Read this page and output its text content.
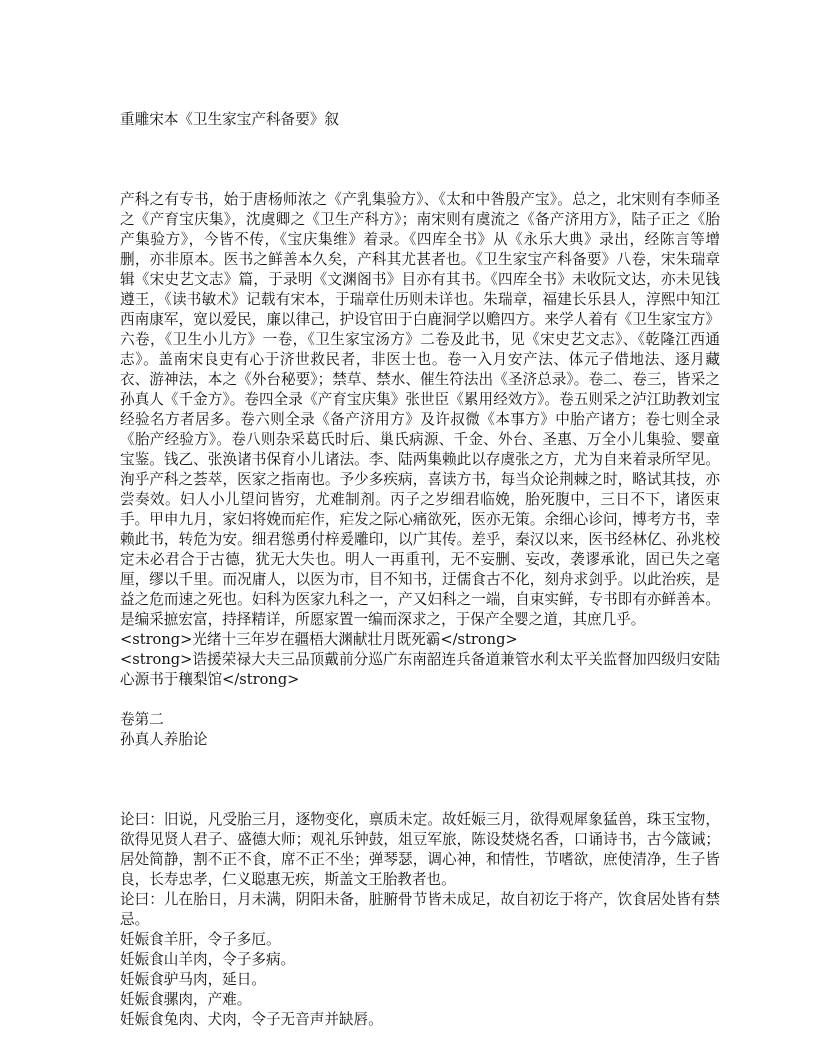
重雕宋本《卫生家宝产科备要》叙

产科之有专书，始于唐杨师浓之《产乳集验方》、《太和中昝殷产宝》。总之，北宋则有李师圣之《产育宝庆集》，沈虞卿之《卫生产科方》；南宋则有虞流之《备产济用方》，陆子正之《胎产集验方》，今皆不传，《宝庆集维》着录。《四库全书》从《永乐大典》录出，经陈言等增删，亦非原本。医书之鲜善本久矣，产科其尤甚者也。《卫生家宝产科备要》八卷，宋朱瑞章辑《宋史艺文志》篇，于录明《文渊阁书》目亦有其书。《四库全书》未收阮文达，亦未见钱遵王，《读书敏术》记载有宋本，于瑞章仕历则未详也。朱瑞章，福建长乐县人，淳熙中知江西南康军，宽以爱民，廉以律己，护设官田于白鹿洞学以赡四方。来学人着有《卫生家宝方》六卷，《卫生小儿方》一卷，《卫生家宝汤方》二卷及此书，见《宋史艺文志》、《乾隆江西通志》。盖南宋良吏有心于济世救民者，非医士也。卷一入月安产法、体元子借地法、逐月藏衣、游神法，本之《外台秘要》；禁草、禁水、催生符法出《圣济总录》。卷二、卷三，皆采之孙真人《千金方》。卷四全录《产育宝庆集》张世臣《累用经效方》。卷五则采之泸江助教刘宝经验名方者居多。卷六则全录《备产济用方》及许叔微《本事方》中胎产诸方；卷七则全录《胎产经验方》。卷八则杂采葛氏时后、巢氏病源、千金、外台、圣惠、万全小儿集验、婴童宝鉴。钱乙、张涣诸书保育小儿诸法。李、陆两集赖此以存虞张之方，尤为自来着录所罕见。洵乎产科之荟萃，医家之指南也。予少多疾病，喜读方书，每当众论荆棘之时，略试其技，亦尝奏效。妇人小儿望问皆穷，尤难制剂。丙子之岁细君临娩，胎死腹中，三日不下，诸医束手。甲申九月，家妇将娩而疟作，疟发之际心痛欲死，医亦无策。余细心诊问，博考方书，幸赖此书，转危为安。细君慫勇付梓爰雕印，以广其传。差乎，秦汉以来，医书经林亿、孙兆校定未必君合于古德，犹无大失也。明人一再重刊，无不妄删、妄改，袭谬承讹，固已失之毫厘，缪以千里。而况庸人，以医为市，目不知书，迂儒食古不化，刻舟求剑乎。以此治疾，是益之危而速之死也。妇科为医家九科之一，产又妇科之一端，自束实鲜，专书即有亦鲜善本。是编采摭宏富，持择精详，所愿家置一编而深求之，于保产全婴之道，其庶几乎。

<strong>光绪十三年岁在疆梧大渊献壮月既死霸</strong>

<strong>诰援荣禄大夫三品顶戴前分巡广东南韶连兵备道兼管水利太平关监督加四级归安陆心源书于穰梨馆</strong>

卷第二

孙真人养胎论

论曰：旧说，凡受胎三月，逐物变化，禀质未定。故妊娠三月，欲得观犀象猛兽，珠玉宝物，欲得见贤人君子、盛德大师；观礼乐钟鼓，俎豆军旅，陈设焚烧名香，口诵诗书，古今箴诫；居处简静，割不正不食，席不正不坐；弹琴瑟，调心神，和情性，节嗜欲，庶使清净，生子皆良，长寿忠孝，仁义聪惠无疾，斯盖文王胎教者也。

论曰：儿在胎日，月未满，阴阳未备，脏腑骨节皆未成足，故自初讫于将产，饮食居处皆有禁忌。

妊娠食羊肝，令子多厄。

妊娠食山羊肉，令子多病。

妊娠食驴马肉，延日。

妊娠食骡肉，产难。

妊娠食兔肉、犬肉，令子无音声并缺唇。
